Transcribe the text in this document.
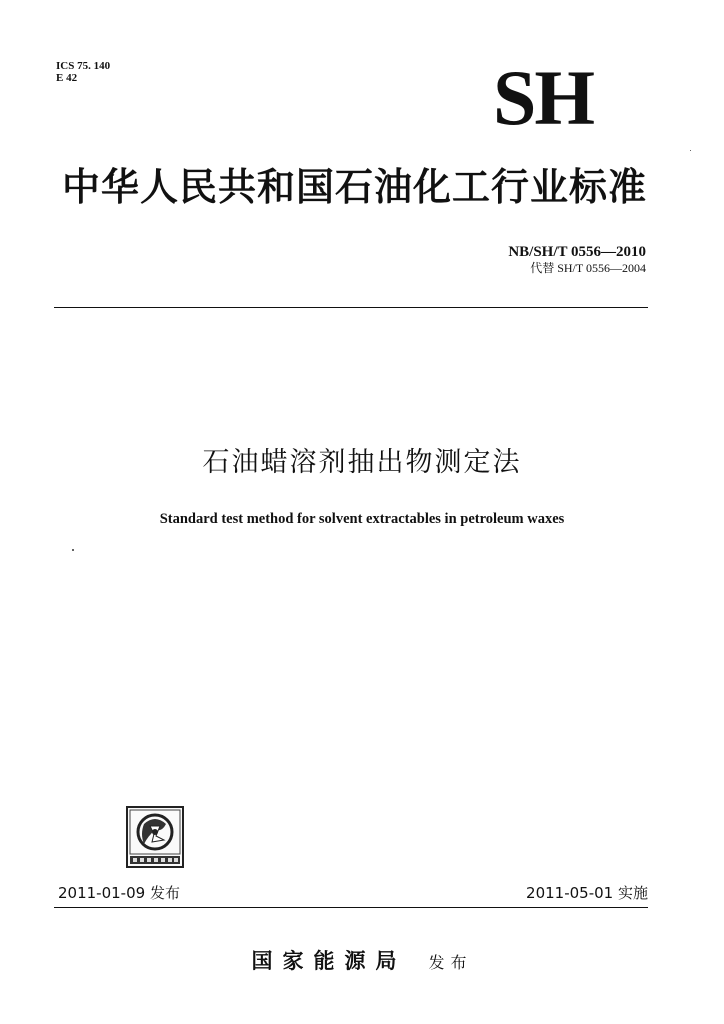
ICS 75. 140
E 42	SH
中华人民共和国石油化工行业标准
NB/SH/T 0556—2010
代替 SH/T 0556—2004
石油蜡溶剂抽出物测定法
Standard test method for solvent extractables in petroleum waxes
2011-01-09 发布	2011-05-01 实施
国家能源局 发布
